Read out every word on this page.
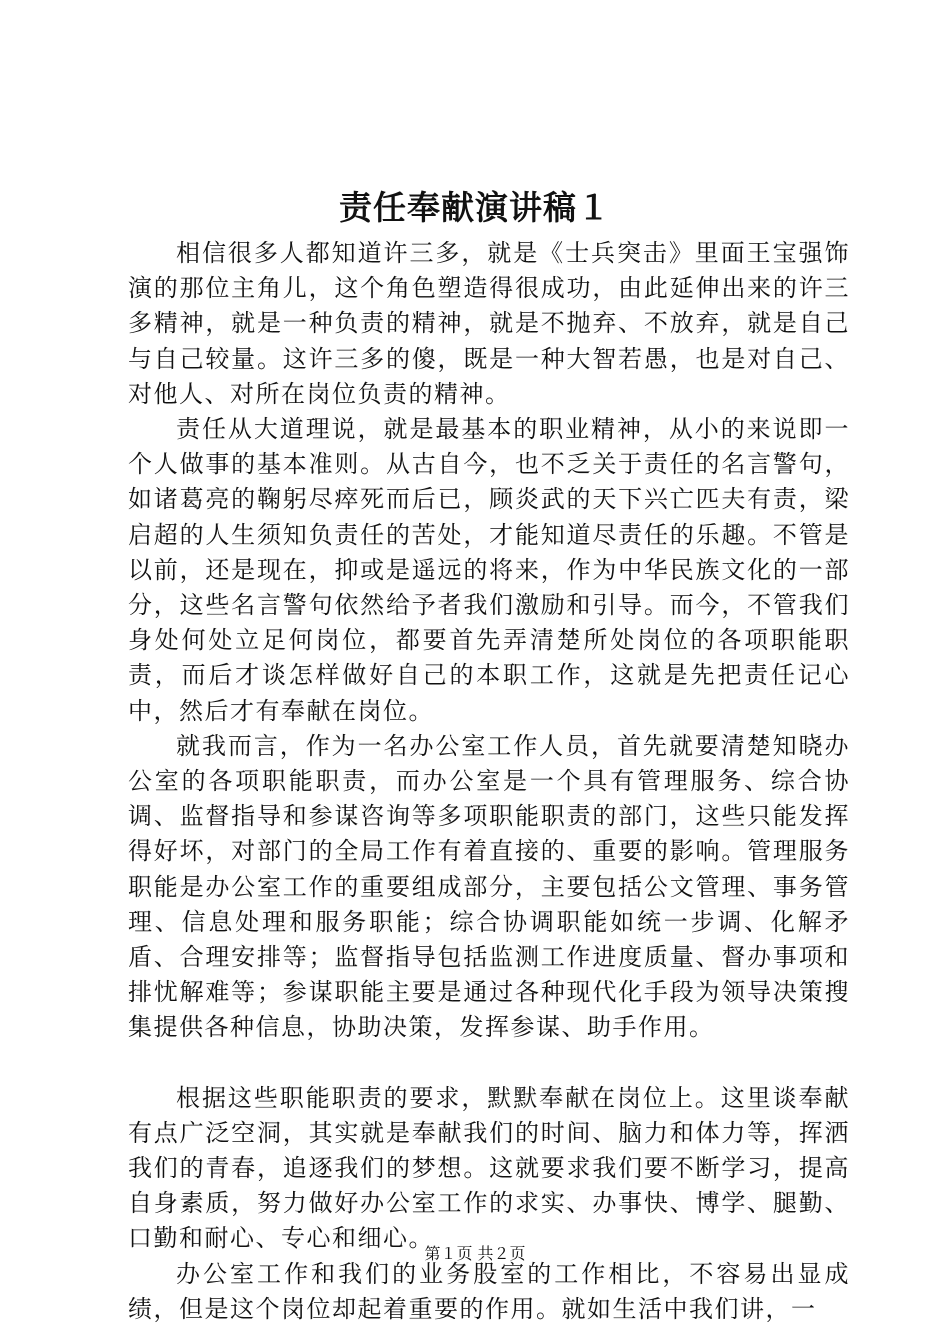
责任奉献演讲稿１

相信很多人都知道许三多，就是《士兵突击》里面王宝强饰演的那位主角儿，这个角色塑造得很成功，由此延伸出来的许三多精神，就是一种负责的精神，就是不抛弃、不放弃，就是自己与自己较量。这许三多的傻，既是一种大智若愚，也是对自己、对他人、对所在岗位负责的精神。

责任从大道理说，就是最基本的职业精神，从小的来说即一个人做事的基本准则。从古自今，也不乏关于责任的名言警句，如诸葛亮的鞠躬尽瘁死而后已，顾炎武的天下兴亡匹夫有责，梁启超的人生须知负责任的苦处，才能知道尽责任的乐趣。不管是以前，还是现在，抑或是遥远的将来，作为中华民族文化的一部分，这些名言警句依然给予者我们激励和引导。而今，不管我们身处何处立足何岗位，都要首先弄清楚所处岗位的各项职能职责，而后才谈怎样做好自己的本职工作，这就是先把责任记心中，然后才有奉献在岗位。

就我而言，作为一名办公室工作人员，首先就要清楚知晓办公室的各项职能职责，而办公室是一个具有管理服务、综合协调、监督指导和参谋咨询等多项职能职责的部门，这些只能发挥得好坏，对部门的全局工作有着直接的、重要的影响。管理服务职能是办公室工作的重要组成部分，主要包括公文管理、事务管理、信息处理和服务职能；综合协调职能如统一步调、化解矛盾、合理安排等；监督指导包括监测工作进度质量、督办事项和排忧解难等；参谋职能主要是通过各种现代化手段为领导决策搜集提供各种信息，协助决策，发挥参谋、助手作用。

根据这些职能职责的要求，默默奉献在岗位上。这里谈奉献有点广泛空洞，其实就是奉献我们的时间、脑力和体力等，挥洒我们的青春，追逐我们的梦想。这就要求我们要不断学习，提高自身素质，努力做好办公室工作的求实、办事快、博学、腿勤、口勤和耐心、专心和细心。

办公室工作和我们的业务股室的工作相比，不容易出显成绩，但是这个岗位却起着重要的作用。就如生活中我们讲，一

第１页 共２页
